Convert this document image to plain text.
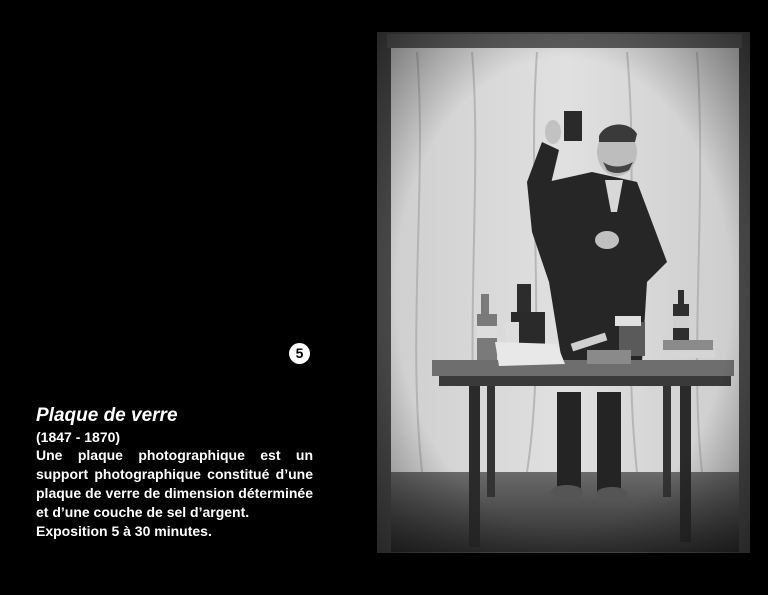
5

Plaque de verre

(1847 - 1870)

Une plaque photographique est un support photographique constitué d’une plaque de verre de dimension déterminée et d’une couche de sel d’argent.

Exposition 5 à 30 minutes.
